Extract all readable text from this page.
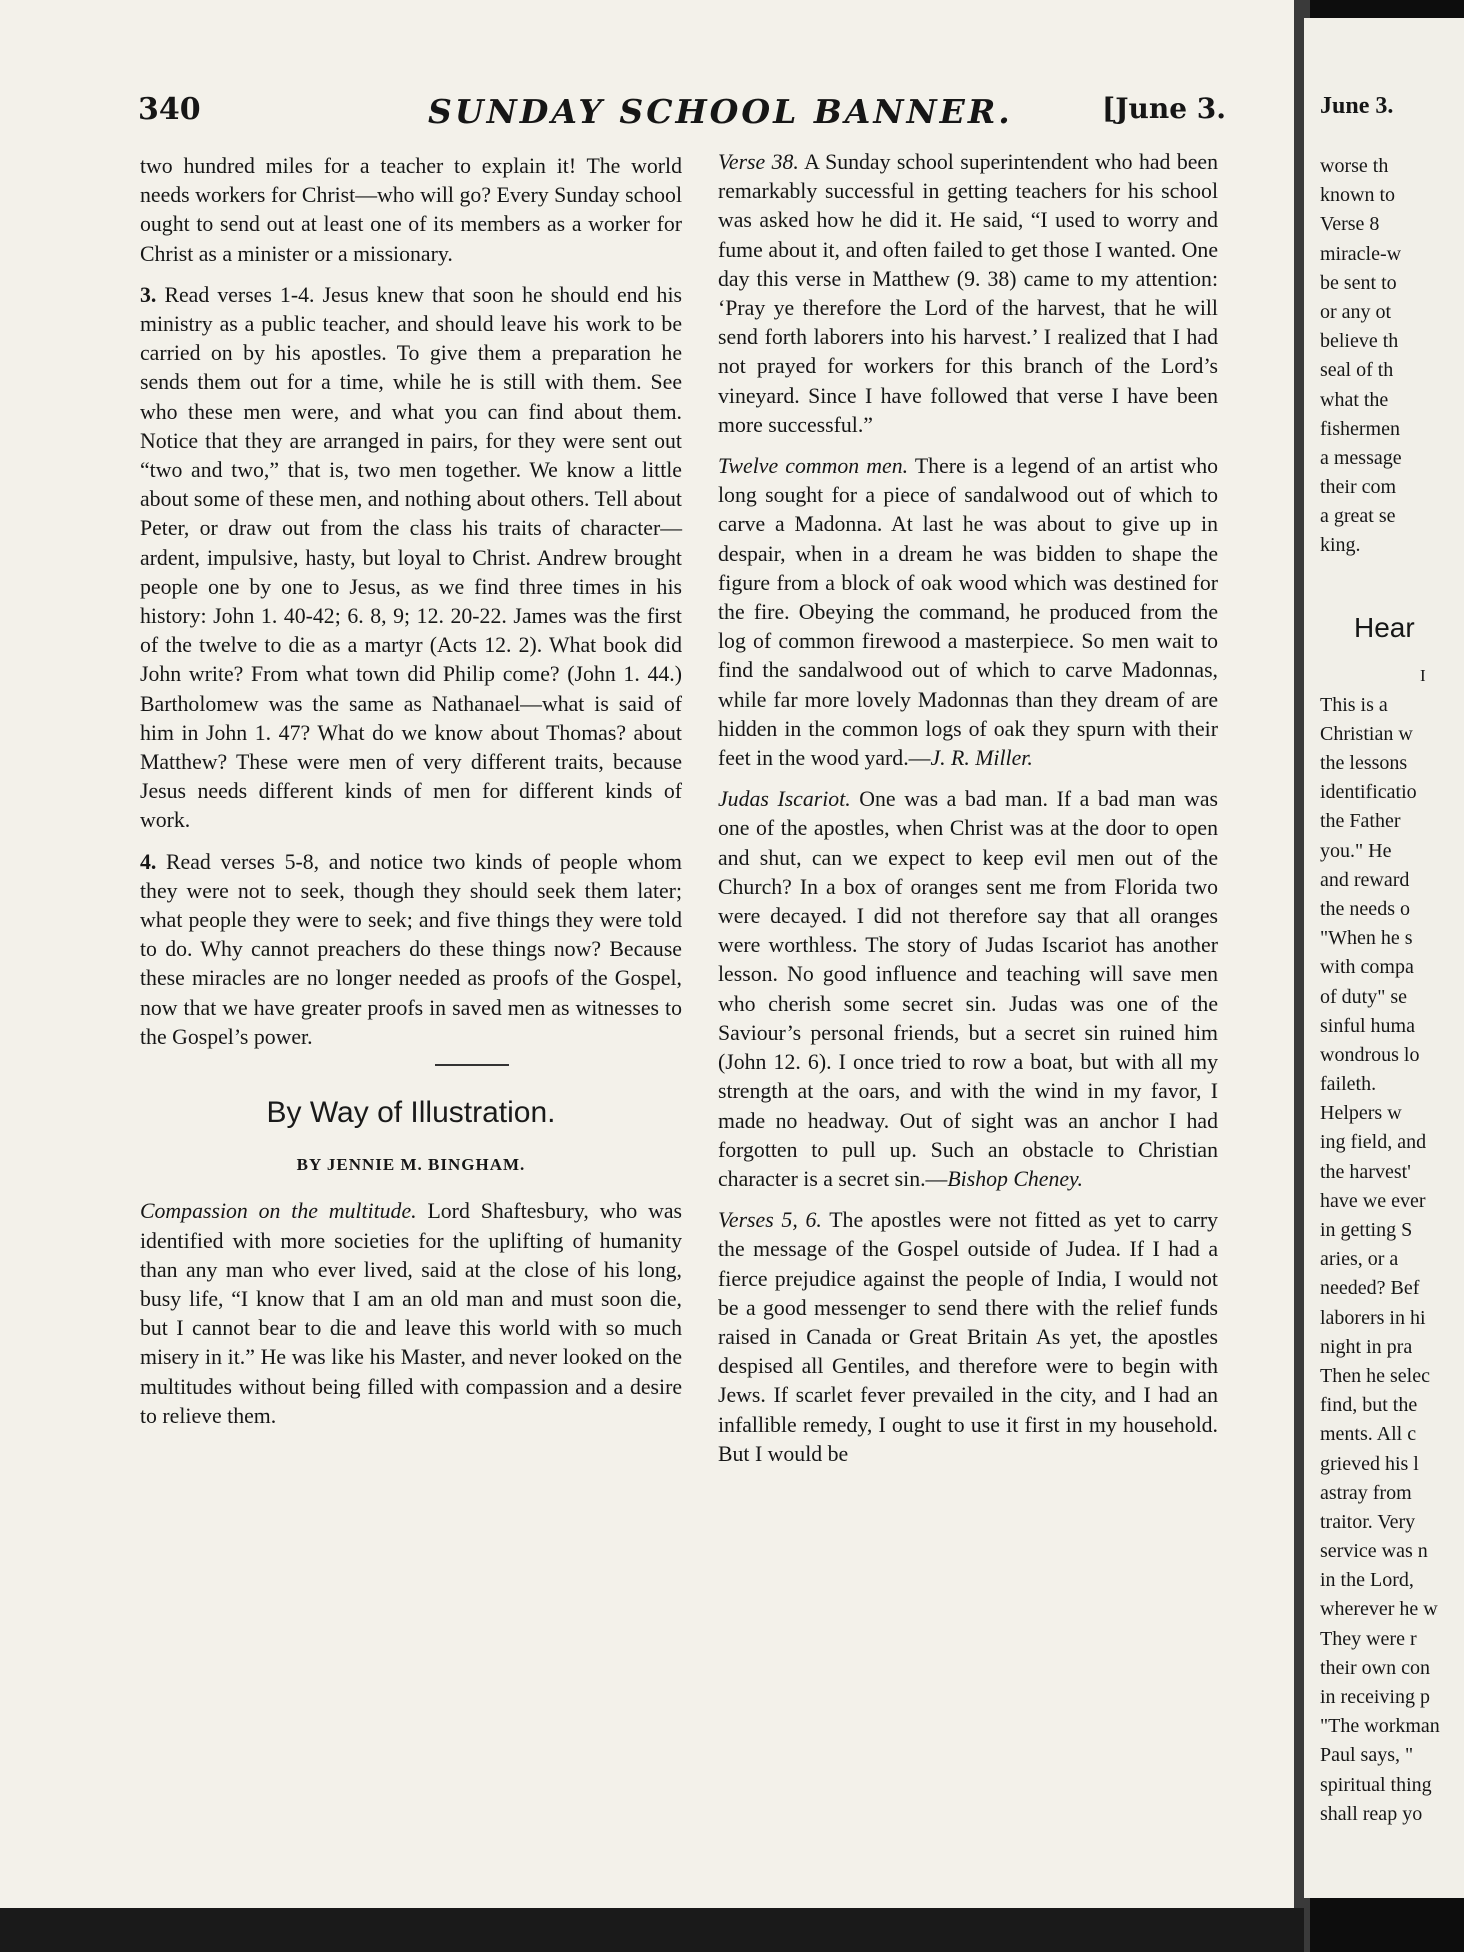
340	SUNDAY SCHOOL BANNER.	[June 3.

two hundred miles for a teacher to explain it! The world needs workers for Christ—who will go? Every Sunday school ought to send out at least one of its members as a worker for Christ as a minister or a missionary.

3. Read verses 1-4. Jesus knew that soon he should end his ministry as a public teacher, and should leave his work to be carried on by his apostles. To give them a preparation he sends them out for a time, while he is still with them. See who these men were, and what you can find about them. Notice that they are arranged in pairs, for they were sent out “two and two,” that is, two men together. We know a little about some of these men, and nothing about others. Tell about Peter, or draw out from the class his traits of character—ardent, impulsive, hasty, but loyal to Christ. Andrew brought people one by one to Jesus, as we find three times in his history: John 1. 40-42; 6. 8, 9; 12. 20-22. James was the first of the twelve to die as a martyr (Acts 12. 2). What book did John write? From what town did Philip come? (John 1. 44.) Bartholomew was the same as Nathanael—what is said of him in John 1. 47? What do we know about Thomas? about Matthew? These were men of very different traits, because Jesus needs different kinds of men for different kinds of work.

4. Read verses 5-8, and notice two kinds of people whom they were not to seek, though they should seek them later; what people they were to seek; and five things they were told to do. Why cannot preachers do these things now? Because these miracles are no longer needed as proofs of the Gospel, now that we have greater proofs in saved men as witnesses to the Gospel’s power.

By Way of Illustration.
BY JENNIE M. BINGHAM.

Compassion on the multitude. Lord Shaftesbury, who was identified with more societies for the uplifting of humanity than any man who ever lived, said at the close of his long, busy life, “I know that I am an old man and must soon die, but I cannot bear to die and leave this world with so much misery in it.” He was like his Master, and never looked on the multitudes without being filled with compassion and a desire to relieve them.

Verse 38. A Sunday school superintendent who had been remarkably successful in getting teachers for his school was asked how he did it. He said, “I used to worry and fume about it, and often failed to get those I wanted. One day this verse in Matthew (9. 38) came to my attention: ‘Pray ye therefore the Lord of the harvest, that he will send forth laborers into his harvest.’ I realized that I had not prayed for workers for this branch of the Lord’s vineyard. Since I have followed that verse I have been more successful.”

Twelve common men. There is a legend of an artist who long sought for a piece of sandalwood out of which to carve a Madonna. At last he was about to give up in despair, when in a dream he was bidden to shape the figure from a block of oak wood which was destined for the fire. Obeying the command, he produced from the log of common firewood a masterpiece. So men wait to find the sandalwood out of which to carve Madonnas, while far more lovely Madonnas than they dream of are hidden in the common logs of oak they spurn with their feet in the wood yard.—J. R. Miller.

Judas Iscariot. One was a bad man. If a bad man was one of the apostles, when Christ was at the door to open and shut, can we expect to keep evil men out of the Church? In a box of oranges sent me from Florida two were decayed. I did not therefore say that all oranges were worthless. The story of Judas Iscariot has another lesson. No good influence and teaching will save men who cherish some secret sin. Judas was one of the Saviour’s personal friends, but a secret sin ruined him (John 12. 6). I once tried to row a boat, but with all my strength at the oars, and with the wind in my favor, I made no headway. Out of sight was an anchor I had forgotten to pull up. Such an obstacle to Christian character is a secret sin.—Bishop Cheney.

Verses 5, 6. The apostles were not fitted as yet to carry the message of the Gospel outside of Judea. If I had a fierce prejudice against the people of India, I would not be a good messenger to send there with the relief funds raised in Canada or Great Britain As yet, the apostles despised all Gentiles, and therefore were to begin with Jews. If scarlet fever prevailed in the city, and I had an infallible remedy, I ought to use it first in my household. But I would be

June 3.
worse th
known to
Verse 8
miracle-w
be sent to
or any ot
believe th
seal of th
what the
fishermen
a message
their com
a great se
king.
Hear
I
This is a
Christian w
the lessons
identificatio
the Father
you." He
and reward
the needs o
"When he s
with compa
of duty" se
sinful huma
wondrous lo
faileth.
Helpers w
ing field, and
the harvest'
have we ever
in getting S
aries, or a
needed? Bef
laborers in hi
night in pra
Then he selec
find, but the
ments. All c
grieved his l
astray from
traitor. Very
service was n
in the Lord,
wherever he w
They were r
their own con
in receiving p
"The workman
Paul says, "
spiritual thing
shall reap yo
